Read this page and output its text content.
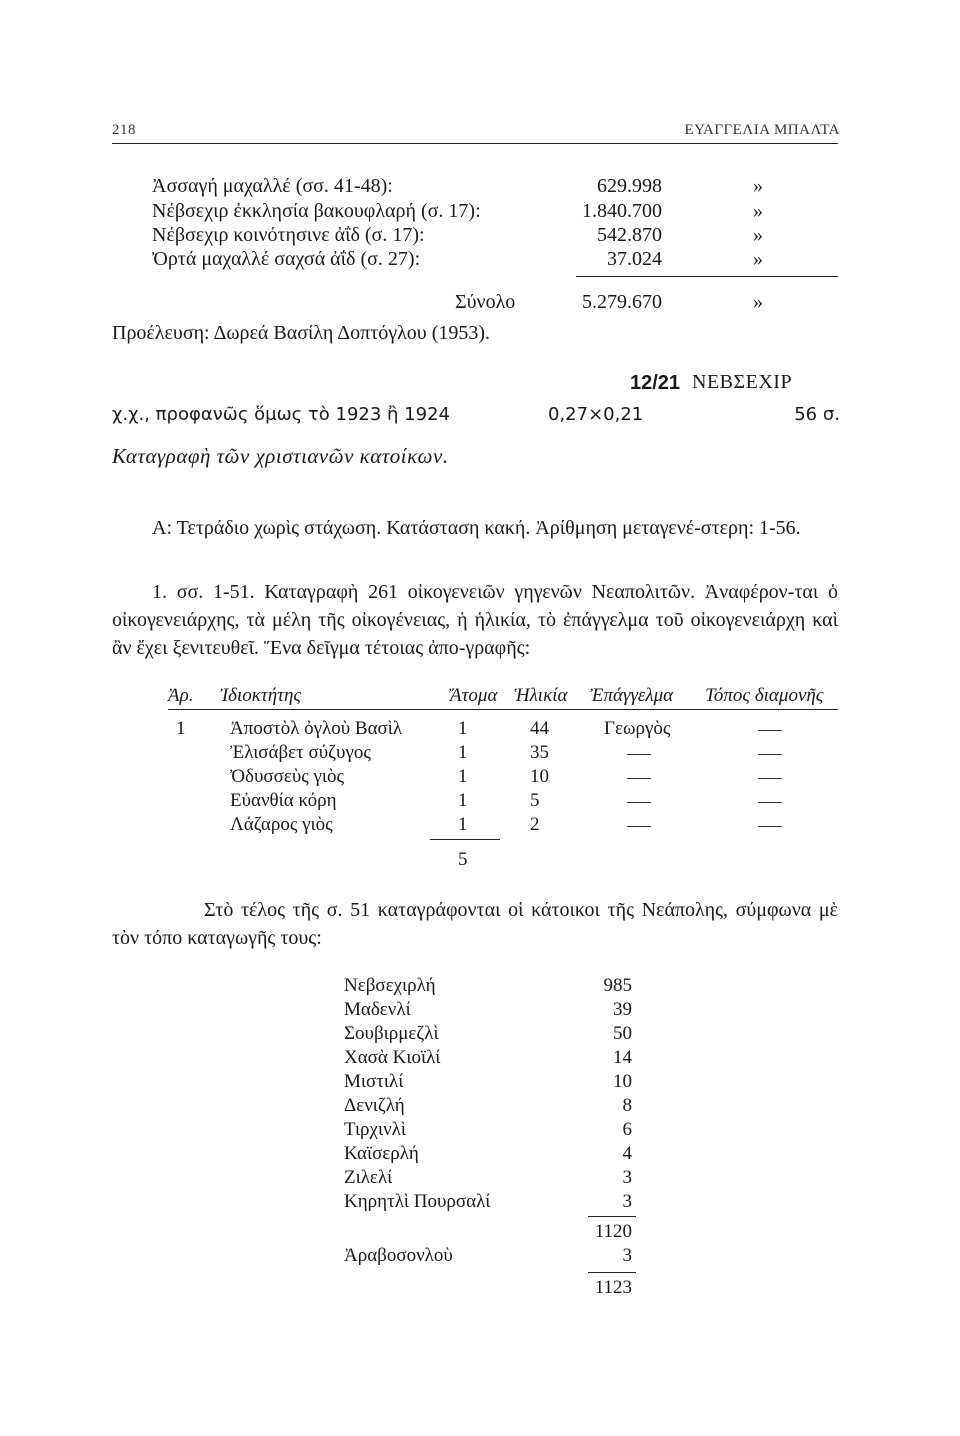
218	ΕΥΑΓΓΕΛΙΑ ΜΠΑΛΤΑ
Ἀσσαγή μαχαλλέ (σσ. 41-48):	629.998	»
Νέβσεχιρ ἐκκλησία βακουφλαρή (σ. 17):	1.840.700	»
Νέβσεχιρ κοινότησινε ἀΐδ (σ. 17):	542.870	»
Ὀρτά μαχαλλέ σαχσά ἀΐδ (σ. 27):	37.024	»
Σύνολο	5.279.670	»
Προέλευση: Δωρεά Βασίλη Δοπτόγλου (1953).
12/21 ΝΕΒΣΕΧΙΡ
χ.χ., προφανῶς ὅμως τὸ 1923 ἢ 1924	0,27×0,21	56 σ.
Καταγραφὴ τῶν χριστιανῶν κατοίκων.
Α: Τετράδιο χωρὶς στάχωση. Κατάσταση κακή. Ἀρίθμηση μεταγενέ-στερη: 1-56.
1. σσ. 1-51. Καταγραφὴ 261 οἰκογενειῶν γηγενῶν Νεαπολιτῶν. Ἀναφέρον-ται ὁ οἰκογενειάρχης, τὰ μέλη τῆς οἰκογένειας, ἡ ἡλικία, τὸ ἐπάγγελμα τοῦ οἰκογενειάρχη καὶ ἂν ἔχει ξενιτευθεῖ. Ἕνα δεῖγμα τέτοιας ἀπο-γραφῆς:
Ἀρ. Ἰδιοκτήτης	Ἄτομα Ἡλικία Ἐπάγγελμα Τόπος διαμονῆς
1 Ἀποστὸλ ὀγλοὺ Βασὶλ	1	44	Γεωργὸς
Ἐλισάβετ σύζυγος	1	35
Ὀδυσσεὺς γιὸς	1	10
Εὐανθία κόρη	1	5
Λάζαρος γιὸς	1	2
5
Στὸ τέλος τῆς σ. 51 καταγράφονται οἱ κάτοικοι τῆς Νεάπολης, σύμφωνα μὲ τὸν τόπο καταγωγῆς τους:
Νεβσεχιρλή	985
Μαδενλί	39
Σουβιρμεζλὶ	50
Χασὰ Κιοϊλί	14
Μιστιλί	10
Δενιζλή	8
Τιρχινλὶ	6
Καϊσερλή	4
Ζιλελί	3
Κηρητλὶ Πουρσαλί	3
1120
Ἀραβοσονλοὺ	3
1123
